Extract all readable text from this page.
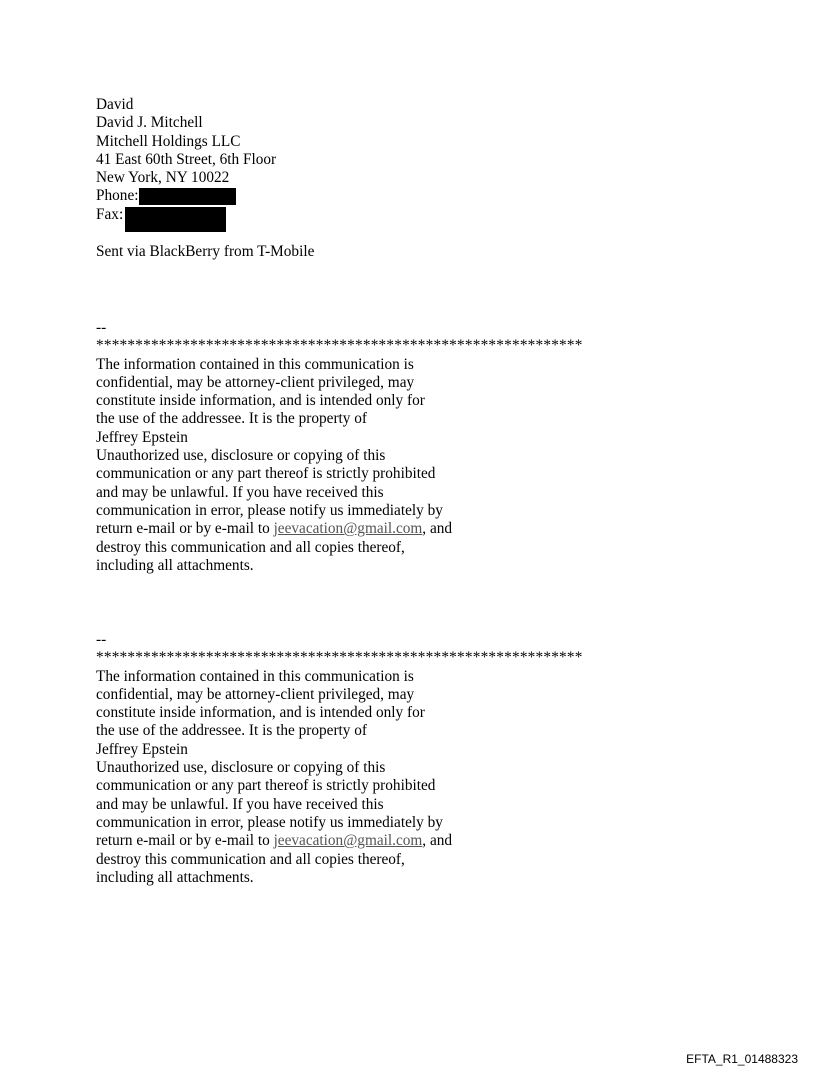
David
David J. Mitchell
Mitchell Holdings LLC
41 East 60th Street, 6th Floor
New York, NY 10022
Phone:
Fax:
Sent via BlackBerry from T-Mobile
--
**************************************************************
The information contained in this communication is
confidential, may be attorney-client privileged, may
constitute inside information, and is intended only for
the use of the addressee. It is the property of
Jeffrey Epstein
Unauthorized use, disclosure or copying of this
communication or any part thereof is strictly prohibited
and may be unlawful. If you have received this
communication in error, please notify us immediately by
return e-mail or by e-mail to jeevacation@gmail.com, and
destroy this communication and all copies thereof,
including all attachments.
--
**************************************************************
The information contained in this communication is
confidential, may be attorney-client privileged, may
constitute inside information, and is intended only for
the use of the addressee. It is the property of
Jeffrey Epstein
Unauthorized use, disclosure or copying of this
communication or any part thereof is strictly prohibited
and may be unlawful. If you have received this
communication in error, please notify us immediately by
return e-mail or by e-mail to jeevacation@gmail.com, and
destroy this communication and all copies thereof,
including all attachments.
EFTA_R1_01488323
